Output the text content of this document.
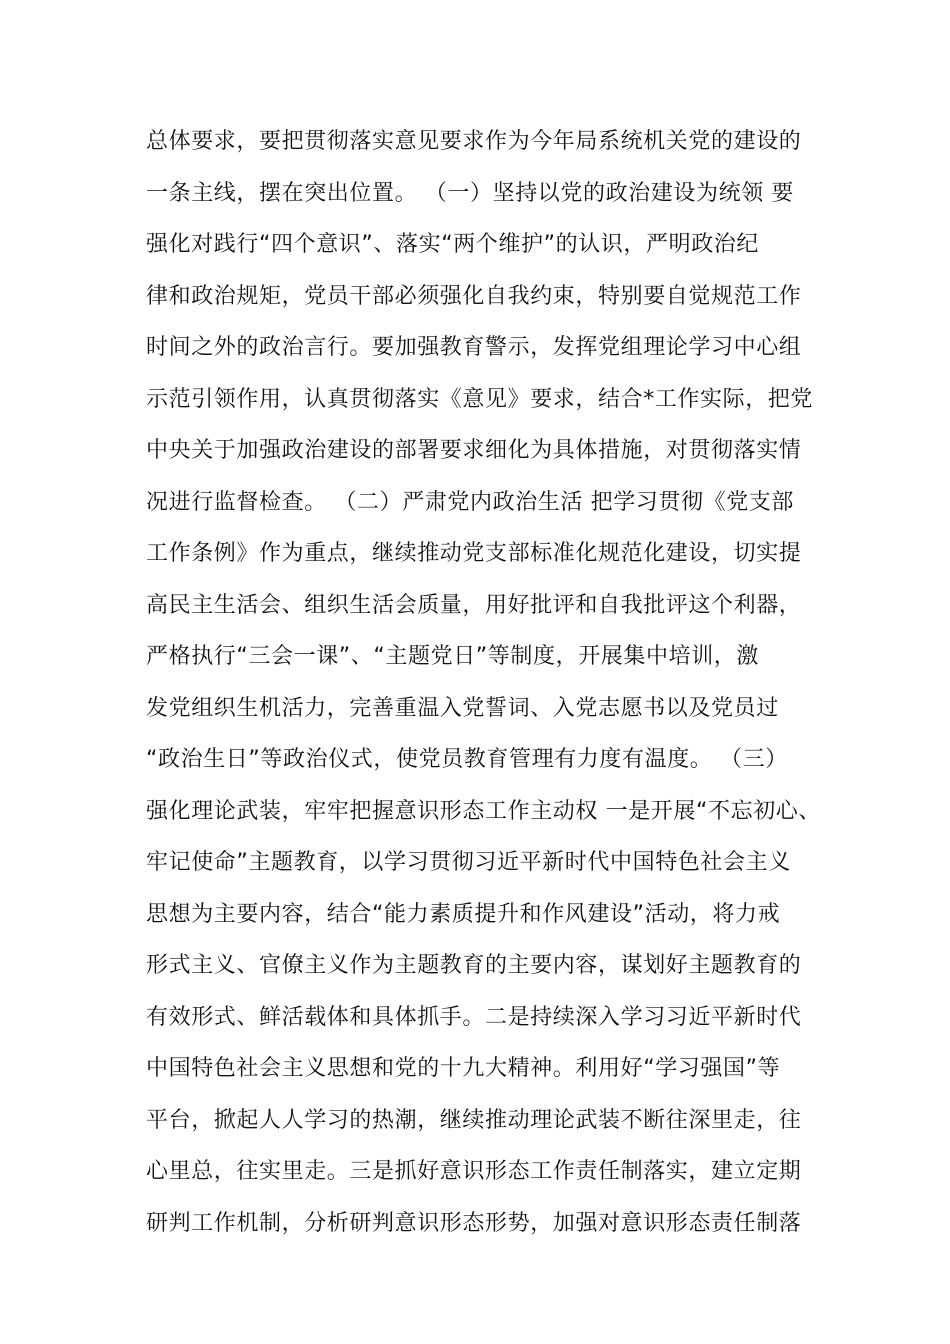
总体要求，要把贯彻落实意见要求作为今年局系统机关党的建设的
一条主线，摆在突出位置。 （一）坚持以党的政治建设为统领 要
强化对践行“四个意识”、落实“两个维护”的认识，严明政治纪
律和政治规矩，党员干部必须强化自我约束，特别要自觉规范工作
时间之外的政治言行。要加强教育警示，发挥党组理论学习中心组
示范引领作用，认真贯彻落实《意见》要求，结合*工作实际，把党
中央关于加强政治建设的部署要求细化为具体措施，对贯彻落实情
况进行监督检查。 （二）严肃党内政治生活 把学习贯彻《党支部
工作条例》作为重点，继续推动党支部标准化规范化建设，切实提
高民主生活会、组织生活会质量，用好批评和自我批评这个利器，
严格执行“三会一课”、“主题党日”等制度，开展集中培训，激
发党组织生机活力，完善重温入党誓词、入党志愿书以及党员过
“政治生日”等政治仪式，使党员教育管理有力度有温度。 （三）
强化理论武装，牢牢把握意识形态工作主动权 一是开展“不忘初心、
牢记使命”主题教育，以学习贯彻习近平新时代中国特色社会主义
思想为主要内容，结合“能力素质提升和作风建设”活动，将力戒
形式主义、官僚主义作为主题教育的主要内容，谋划好主题教育的
有效形式、鲜活载体和具体抓手。二是持续深入学习习近平新时代
中国特色社会主义思想和党的十九大精神。利用好“学习强国”等
平台，掀起人人学习的热潮，继续推动理论武装不断往深里走，往
心里总，往实里走。三是抓好意识形态工作责任制落实，建立定期
研判工作机制，分析研判意识形态形势，加强对意识形态责任制落
